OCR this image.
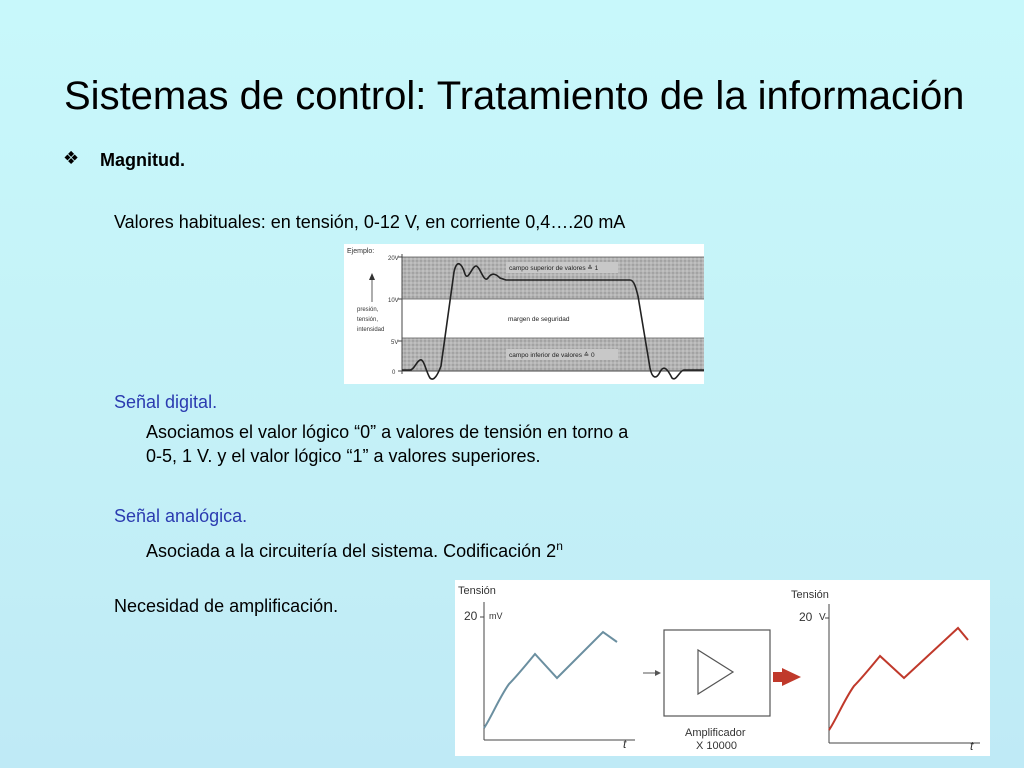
Sistemas de control: Tratamiento de la información
❖ Magnitud.
Valores habituales: en tensión, 0-12 V, en corriente 0,4….20 mA
Ejemplo:
20V
10V
5V
0
presión,
tensión,
intensidad
campo superior de valores ≙ 1
margen de seguridad
campo inferior de valores ≙ 0
Señal digital.
Asociamos el valor lógico “0” a valores de tensión en torno a
0-5, 1 V. y el valor lógico “1” a valores superiores.
Señal analógica.
Asociada a la circuitería del sistema. Codificación 2$^n$
Necesidad de amplificación.
Tensión
20 mV
t
Amplificador
X 10000
Tensión
20 V
t
